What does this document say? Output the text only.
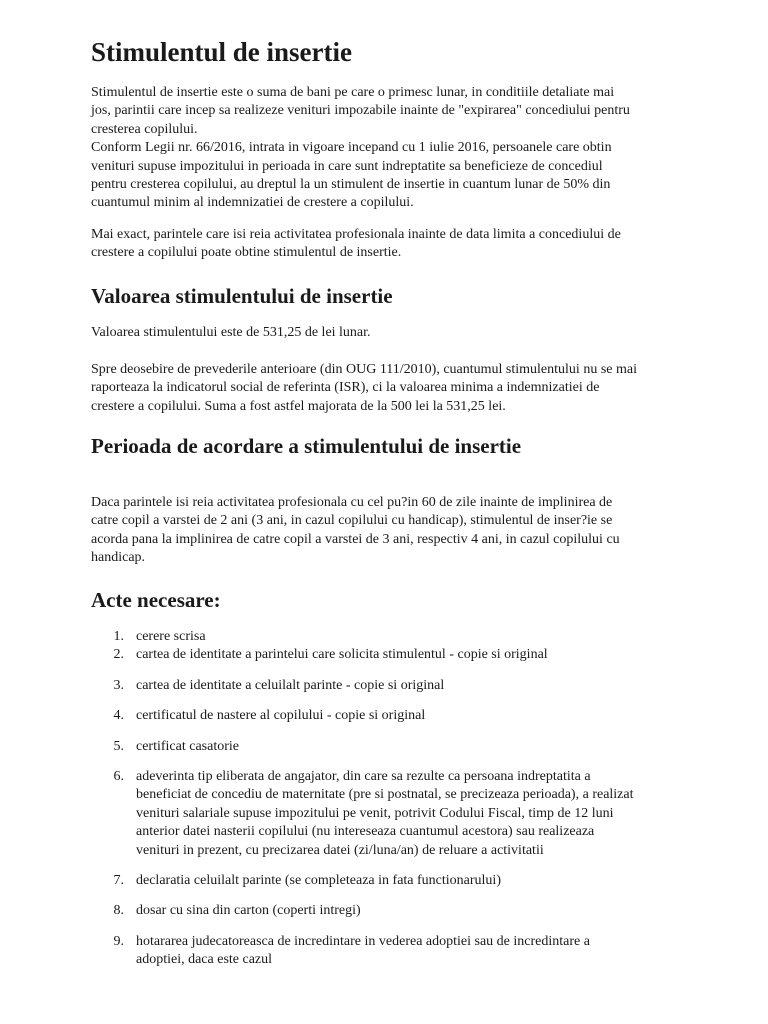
Stimulentul de insertie
Stimulentul de insertie este o suma de bani pe care o primesc lunar, in conditiile detaliate mai
jos, parintii care incep sa realizeze venituri impozabile inainte de "expirarea" concediului pentru
cresterea copilului.
Conform Legii nr. 66/2016, intrata in vigoare incepand cu 1 iulie 2016, persoanele care obtin
venituri supuse impozitului in perioada in care sunt indreptatite sa beneficieze de concediul
pentru cresterea copilului, au dreptul la un stimulent de insertie in cuantum lunar de 50% din
cuantumul minim al indemnizatiei de crestere a copilului.
Mai exact, parintele care isi reia activitatea profesionala inainte de data limita a concediului de
crestere a copilului poate obtine stimulentul de insertie.
Valoarea stimulentului de insertie
Valoarea stimulentului este de 531,25 de lei lunar.
Spre deosebire de prevederile anterioare (din OUG 111/2010), cuantumul stimulentului nu se mai
raporteaza la indicatorul social de referinta (ISR), ci la valoarea minima a indemnizatiei de
crestere a copilului. Suma a fost astfel majorata de la 500 lei la 531,25 lei.
Perioada de acordare a stimulentului de insertie
Daca parintele isi reia activitatea profesionala cu cel pu?in 60 de zile inainte de implinirea de
catre copil a varstei de 2 ani (3 ani, in cazul copilului cu handicap), stimulentul de inser?ie se
acorda pana la implinirea de catre copil a varstei de 3 ani, respectiv 4 ani, in cazul copilului cu
handicap.
Acte necesare:
1. cerere scrisa
2. cartea de identitate a parintelui care solicita stimulentul - copie si original
3. cartea de identitate a celuilalt parinte - copie si original
4. certificatul de nastere al copilului - copie si original
5. certificat casatorie
6. adeverinta tip eliberata de angajator, din care sa rezulte ca persoana indreptatita a
beneficiat de concediu de maternitate (pre si postnatal, se precizeaza perioada), a realizat
venituri salariale supuse impozitului pe venit, potrivit Codului Fiscal, timp de 12 luni
anterior datei nasterii copilului (nu intereseaza cuantumul acestora) sau realizeaza
venituri in prezent, cu precizarea datei (zi/luna/an) de reluare a activitatii
7. declaratia celuilalt parinte (se completeaza in fata functionarului)
8. dosar cu sina din carton (coperti intregi)
9. hotararea judecatoreasca de incredintare in vederea adoptiei sau de incredintare a
adoptiei, daca este cazul
